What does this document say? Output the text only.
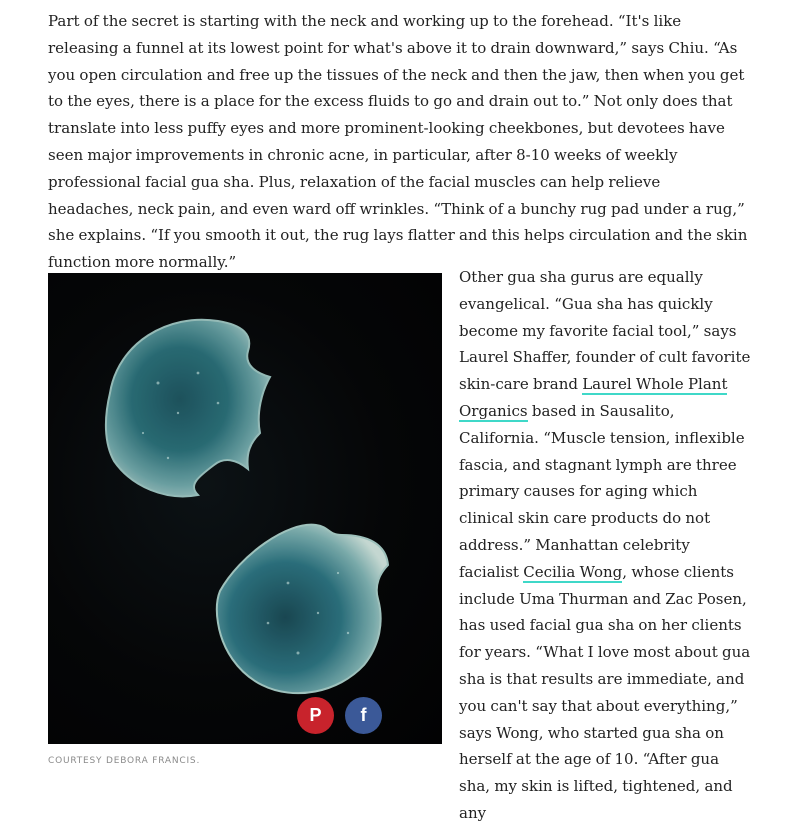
Part of the secret is starting with the neck and working up to the forehead. “It's like releasing a funnel at its lowest point for what's above it to drain downward,” says Chiu. “As you open circulation and free up the tissues of the neck and then the jaw, then when you get to the eyes, there is a place for the excess fluids to go and drain out to.” Not only does that translate into less puffy eyes and more prominent-looking cheekbones, but devotees have seen major improvements in chronic acne, in particular, after 8-10 weeks of weekly professional facial gua sha. Plus, relaxation of the facial muscles can help relieve headaches, neck pain, and even ward off wrinkles. “Think of a bunchy rug pad under a rug,” she explains. “If you smooth it out, the rug lays flatter and this helps circulation and the skin function more normally.”

COURTESY DEBORA FRANCIS.

Other gua sha gurus are equally evangelical. “Gua sha has quickly become my favorite facial tool,” says Laurel Shaffer, founder of cult favorite skin-care brand Laurel Whole Plant Organics based in Sausalito, California. “Muscle tension, inflexible fascia, and stagnant lymph are three primary causes for aging which clinical skin care products do not address.” Manhattan celebrity facialist Cecilia Wong, whose clients include Uma Thurman and Zac Posen, has used facial gua sha on her clients for years. “What I love most about gua sha is that results are immediate, and you can't say that about everything,” says Wong, who started gua sha on herself at the age of 10. “After gua sha, my skin is lifted, tightened, and any

P f
